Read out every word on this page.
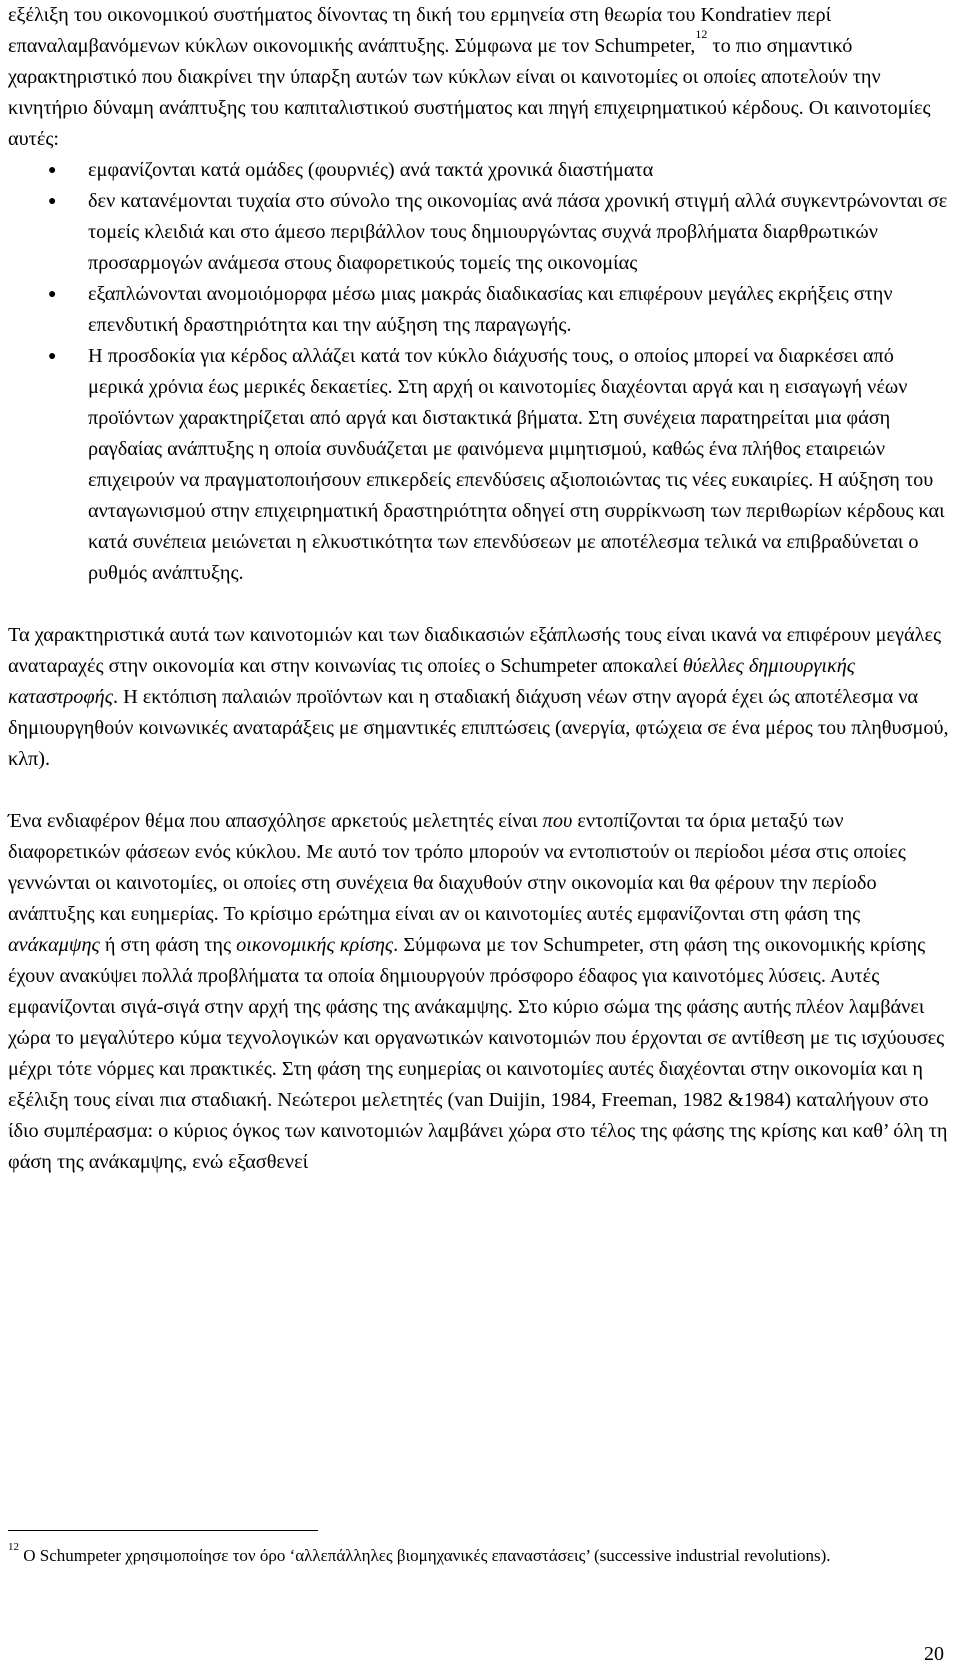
εξέλιξη του οικονομικού συστήματος δίνοντας τη δική του ερμηνεία στη θεωρία του Kondratiev περί επαναλαμβανόμενων κύκλων οικονομικής ανάπτυξης. Σύμφωνα με τον Schumpeter,$^{12}$ το πιο σημαντικό χαρακτηριστικό που διακρίνει την ύπαρξη αυτών των κύκλων είναι οι καινοτομίες οι οποίες αποτελούν την κινητήριο δύναμη ανάπτυξης του καπιταλιστικού συστήματος και πηγή επιχειρηματικού κέρδους. Οι καινοτομίες αυτές:

● εμφανίζονται κατά ομάδες (φουρνιές) ανά τακτά χρονικά διαστήματα
● δεν κατανέμονται τυχαία στο σύνολο της οικονομίας ανά πάσα χρονική στιγμή αλλά συγκεντρώνονται σε τομείς κλειδιά και στο άμεσο περιβάλλον τους δημιουργώντας συχνά προβλήματα διαρθρωτικών προσαρμογών ανάμεσα στους διαφορετικούς τομείς της οικονομίας
● εξαπλώνονται ανομοιόμορφα μέσω μιας μακράς διαδικασίας και επιφέρουν μεγάλες εκρήξεις στην επενδυτική δραστηριότητα και την αύξηση της παραγωγής.
● Η προσδοκία για κέρδος αλλάζει κατά τον κύκλο διάχυσής τους, ο οποίος μπορεί να διαρκέσει από μερικά χρόνια έως μερικές δεκαετίες. Στη αρχή οι καινοτομίες διαχέονται αργά και η εισαγωγή νέων προϊόντων χαρακτηρίζεται από αργά και διστακτικά βήματα. Στη συνέχεια παρατηρείται μια φάση ραγδαίας ανάπτυξης η οποία συνδυάζεται με φαινόμενα μιμητισμού, καθώς ένα πλήθος εταιρειών επιχειρούν να πραγματοποιήσουν επικερδείς επενδύσεις αξιοποιώντας τις νέες ευκαιρίες. Η αύξηση του ανταγωνισμού στην επιχειρηματική δραστηριότητα οδηγεί στη συρρίκνωση των περιθωρίων κέρδους και κατά συνέπεια μειώνεται η ελκυστικότητα των επενδύσεων με αποτέλεσμα τελικά να επιβραδύνεται ο ρυθμός ανάπτυξης.

Τα χαρακτηριστικά αυτά των καινοτομιών και των διαδικασιών εξάπλωσής τους είναι ικανά να επιφέρουν μεγάλες αναταραχές στην οικονομία και στην κοινωνίας τις οποίες ο Schumpeter αποκαλεί θύελλες δημιουργικής καταστροφής. Η εκτόπιση παλαιών προϊόντων και η σταδιακή διάχυση νέων στην αγορά έχει ώς αποτέλεσμα να δημιουργηθούν κοινωνικές αναταράξεις με σημαντικές επιπτώσεις (ανεργία, φτώχεια σε ένα μέρος του πληθυσμού, κλπ).

Ένα ενδιαφέρον θέμα που απασχόλησε αρκετούς μελετητές είναι που εντοπίζονται τα όρια μεταξύ των διαφορετικών φάσεων ενός κύκλου. Με αυτό τον τρόπο μπορούν να εντοπιστούν οι περίοδοι μέσα στις οποίες γεννώνται οι καινοτομίες, οι οποίες στη συνέχεια θα διαχυθούν στην οικονομία και θα φέρουν την περίοδο ανάπτυξης και ευημερίας. Το κρίσιμο ερώτημα είναι αν οι καινοτομίες αυτές εμφανίζονται στη φάση της ανάκαμψης ή στη φάση της οικονομικής κρίσης. Σύμφωνα με τον Schumpeter, στη φάση της οικονομικής κρίσης έχουν ανακύψει πολλά προβλήματα τα οποία δημιουργούν πρόσφορο έδαφος για καινοτόμες λύσεις. Αυτές εμφανίζονται σιγά-σιγά στην αρχή της φάσης της ανάκαμψης. Στο κύριο σώμα της φάσης αυτής πλέον λαμβάνει χώρα το μεγαλύτερο κύμα τεχνολογικών και οργανωτικών καινοτομιών που έρχονται σε αντίθεση με τις ισχύουσες μέχρι τότε νόρμες και πρακτικές. Στη φάση της ευημερίας οι καινοτομίες αυτές διαχέονται στην οικονομία και η εξέλιξη τους είναι πια σταδιακή. Νεώτεροι μελετητές (van Duijin, 1984, Freeman, 1982 &1984) καταλήγουν στο ίδιο συμπέρασμα: ο κύριος όγκος των καινοτομιών λαμβάνει χώρα στο τέλος της φάσης της κρίσης και καθ’ όλη τη φάση της ανάκαμψης, ενώ εξασθενεί

$^{12}$ O Schumpeter χρησιμοποίησε τον όρο ‘αλλεπάλληλες βιομηχανικές επαναστάσεις’ (successive industrial revolutions).
20
